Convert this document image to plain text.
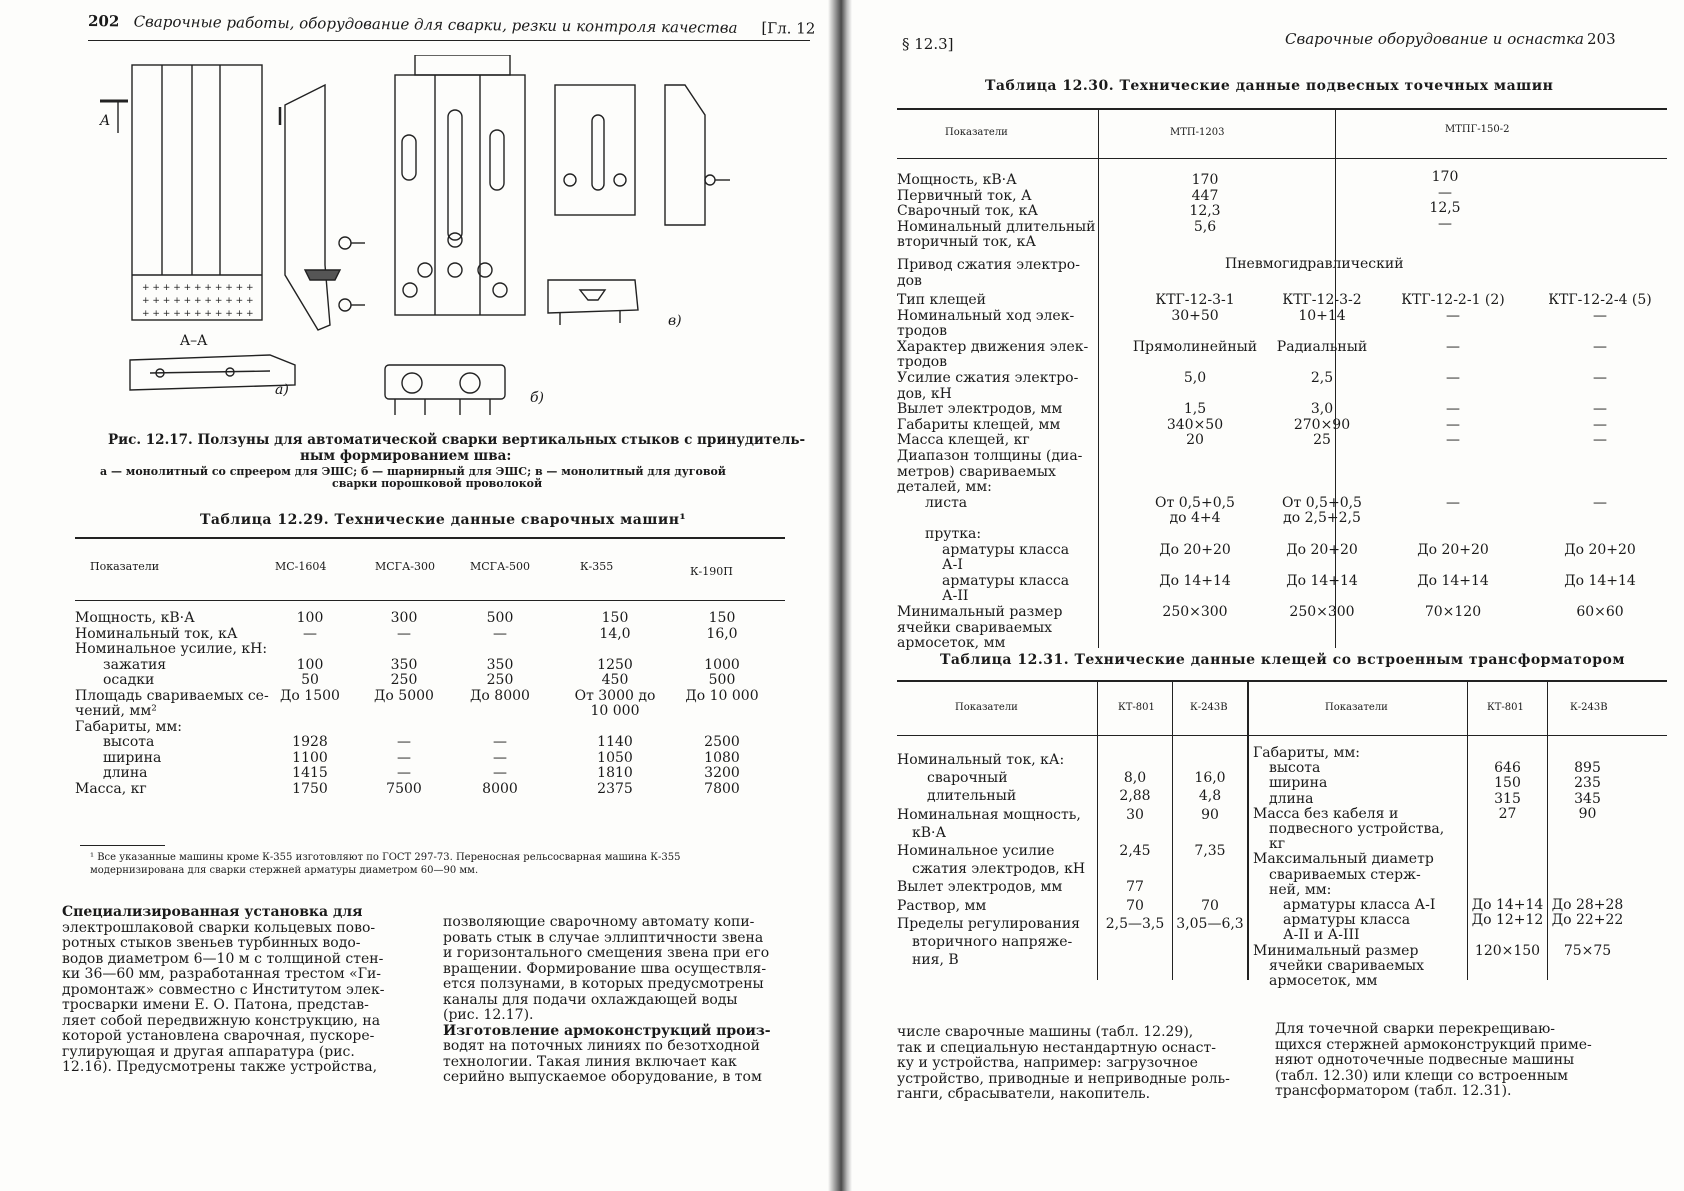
202 Сварочные работы, оборудование для сварки, резки и контроля качества [Гл. 12
+ + + + + + + + + + +
+ + + + + + + + + + +
+ + + + + + + + + + +
A
A–A
а)	б)
в)
Рис. 12.17. Ползуны для автоматической сварки вертикальных стыков с принудитель-
ным формированием шва:
а — монолитный со спреером для ЭШС; б — шарнирный для ЭШС; в — монолитный для дуговой
сварки порошковой проволокой
Таблица 12.29. Технические данные сварочных машин¹
Показатели	МС-1604	МСГА-300	МСГА-500	К-355	К-190П
Мощность, кВ·А	100	300	500	150	150
Номинальный ток, кА	—	—	—	14,0	16,0
Номинальное усилие, кН:
зажатия	100	350	350	1250	1000
осадки	50	250	250	450	500
Площадь свариваемых се- До 1500	До 5000	До 8000	От 3000 до	До 10 000
чений, мм²	10 000
Габариты, мм:
высота	1928	—	—	1140	2500
ширина	1100	—	—	1050	1080
длина	1415	—	—	1810	3200
Масса, кг	1750	7500	8000	2375	7800
¹ Все указанные машины кроме К-355 изготовляют по ГОСТ 297-73. Переносная рельсосварная машина К-355
модернизирована для сварки стержней арматуры диаметром 60—90 мм.

Специализированная установка для

электрошлаковой сварки кольцевых пово-

ротных стыков звеньев турбинных водо-

водов диаметром 6—10 м с толщиной стен-

ки 36—60 мм, разработанная трестом «Ги-

дромонтаж» совместно с Институтом элек-

тросварки имени Е. О. Патона, представ-

ляет собой передвижную конструкцию, на

которой установлена сварочная, пускоре-

гулирующая и другая аппаратура (рис.

12.16). Предусмотрены также устройства,

позволяющие сварочному автомату копи-

ровать стык в случае эллиптичности звена

и горизонтального смещения звена при его

вращении. Формирование шва осуществля-

ется ползунами, в которых предусмотрены

каналы для подачи охлаждающей воды

(рис. 12.17).

Изготовление армоконструкций произ-

водят на поточных линиях по безотходной

технологии. Такая линия включает как

серийно выпускаемое оборудование, в том

§ 12.3]	Сварочные оборудование и оснастка 203
Таблица 12.30. Технические данные подвесных точечных машин
Показатели	МТП-1203	МТПГ-150-2
Мощность, кВ·А	170	170
Первичный ток, А	447	—
Сварочный ток, кА	12,3	12,5
Номинальный длительный	5,6	—
вторичный ток, кА
Привод сжатия электро-
дов
Пневмогидравлический
Тип клещей	КТГ-12-3-1	КТГ-12-3-2	КТГ-12-2-1 (2)	КТГ-12-2-4 (5)
Номинальный ход элек-	30+50	10+14	—	—
тродов
Характер движения элек-	Прямолинейный	Радиальный	—	—
тродов
Усилие сжатия электро-	5,0	2,5	—	—
дов, кН
Вылет электродов, мм	1,5	3,0	—	—
Габариты клещей, мм	340×50	270×90	—	—
Масса клещей, кг	20	25	—	—
Диапазон толщины (диа-
метров) свариваемых
деталей, мм:
листа	От 0,5+0,5	От 0,5+0,5	—	—
до 4+4	до 2,5+2,5
прутка:
арматуры класса	До 20+20	До 20+20	До 20+20	До 20+20
А-I
арматуры класса	До 14+14	До 14+14	До 14+14	До 14+14
А-II
Минимальный размер	250×300	250×300	70×120	60×60
ячейки свариваемых
армосеток, мм
Таблица 12.31. Технические данные клещей со встроенным трансформатором
Показатели	КТ-801	К-243В	Показатели	КТ-801	К-243В
Номинальный ток, кА:
сварочный	8,0	16,0
длительный	2,88	4,8
Номинальная мощность,	30	90
кВ·А
Номинальное усилие	2,45	7,35
сжатия электродов, кН
Вылет электродов, мм	77
Раствор, мм	70	70
Пределы регулирования	2,5—3,5 3,05—6,3
вторичного напряже-
ния, В
Габариты, мм:
высота	646	895
ширина	150	235
длина	315	345
Масса без кабеля и	27	90
подвесного устройства,
кг
Максимальный диаметр
свариваемых стерж-
ней, мм:
арматуры класса А-I	До 14+14 До 28+28
арматуры класса	До 12+12 До 22+22
А-II и А-III
Минимальный размер	120×150	75×75
ячейки свариваемых
армосеток, мм

числе сварочные машины (табл. 12.29),

так и специальную нестандартную оснаст-

ку и устройства, например: загрузочное

устройство, приводные и неприводные роль-

ганги, сбрасыватели, накопитель.

Для точечной сварки перекрещиваю-

щихся стержней армоконструкций приме-

няют одноточечные подвесные машины

(табл. 12.30) или клещи со встроенным

трансформатором (табл. 12.31).
